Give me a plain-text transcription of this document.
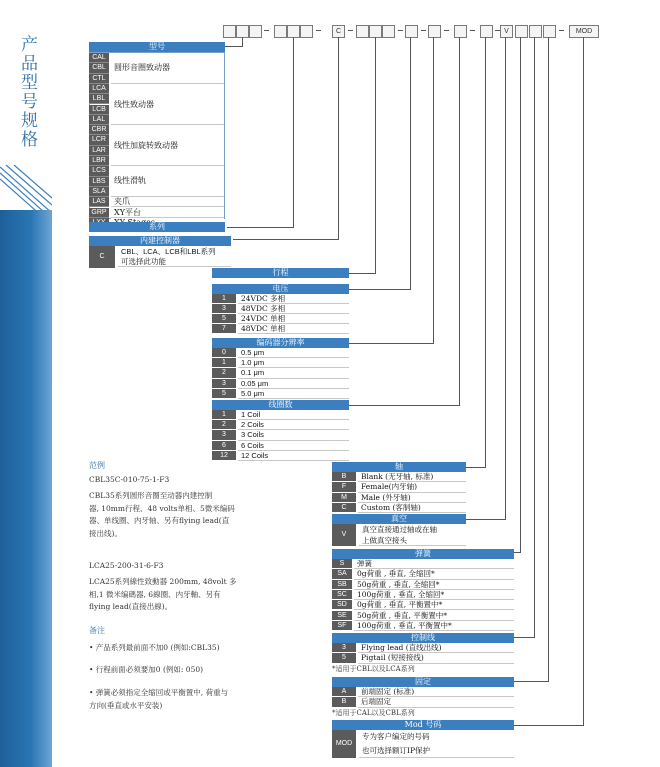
产品型号规格
C	V	MOD
型号
CAL
CBL
CTL
圆形音圈致动器
LCA
LBL
LCB
LAL
线性致动器
CBR
LCR
LAR
LBR
线性加旋转致动器
LCS
LBS
SLA
线性滑轨
LAS	夹爪
GRP XY平台
系列
内建控制器
C
CBL、LCA、LCB和LBL系列
可选择此功能
行程
电压
1	24VDC 多相
3	48VDC 多相
5	24VDC 单相
7	48VDC 单相
编码器分辨率
0	0.5 μm
1	1.0 μm
2	0.1 μm
3	0.05 μm
5	5.0 μm
线圈数
1	1 Coil
2	2 Coils
3	3 Coils
6	6 Coils
12	12 Coils
轴
B	Blank (无牙轴, 标准)
F	Female(内牙轴)
M	Male (外牙轴)
C	Custom (客制轴)
真空
V
真空直接通过轴或在轴
上做真空接头
弹簧
S	弹簧
SA	0g荷重 , 垂直, 全缩回*
SB	50g荷重 , 垂直, 全缩回*
SC	100g荷重 , 垂直, 全缩回*
SD	0g荷重 , 垂直, 平衡置中*
SE	50g荷重 , 垂直, 平衡置中*
SF	100g荷重 , 垂直, 平衡置中*
控制线
3	Flying lead (直线出线)
5	Pigtail (短接接线)
*适用于CBL以及LCA系列
固定
A	前端固定 (标准)
B	后端固定
*适用于CAL以及CBL系列
Mod 号码
MOD
专为客户编定的号码
也可选择额订IP保护
范例
CBL35C-010-75-1-F3
CBL35系列圆形音圈至动器内建控制
器, 10mm行程、48 volts单相、5微米编码
器、单线圈、内牙轴、另有flying lead(直
接出线)。
LCA25-200-31-6-F3
LCA25系列線性致動器 200mm, 48volt 多
相,1 微米编碼器, 6線圈、内牙軸、另有
flying lead(直接出線)。
备注
• 产品系列最前面不加0 (例如:CBL35)
• 行程前面必须要加0 (例如: 050)
• 弹簧必须指定全缩回或平衡置中, 荷重与
方向(垂直或水平安装)
